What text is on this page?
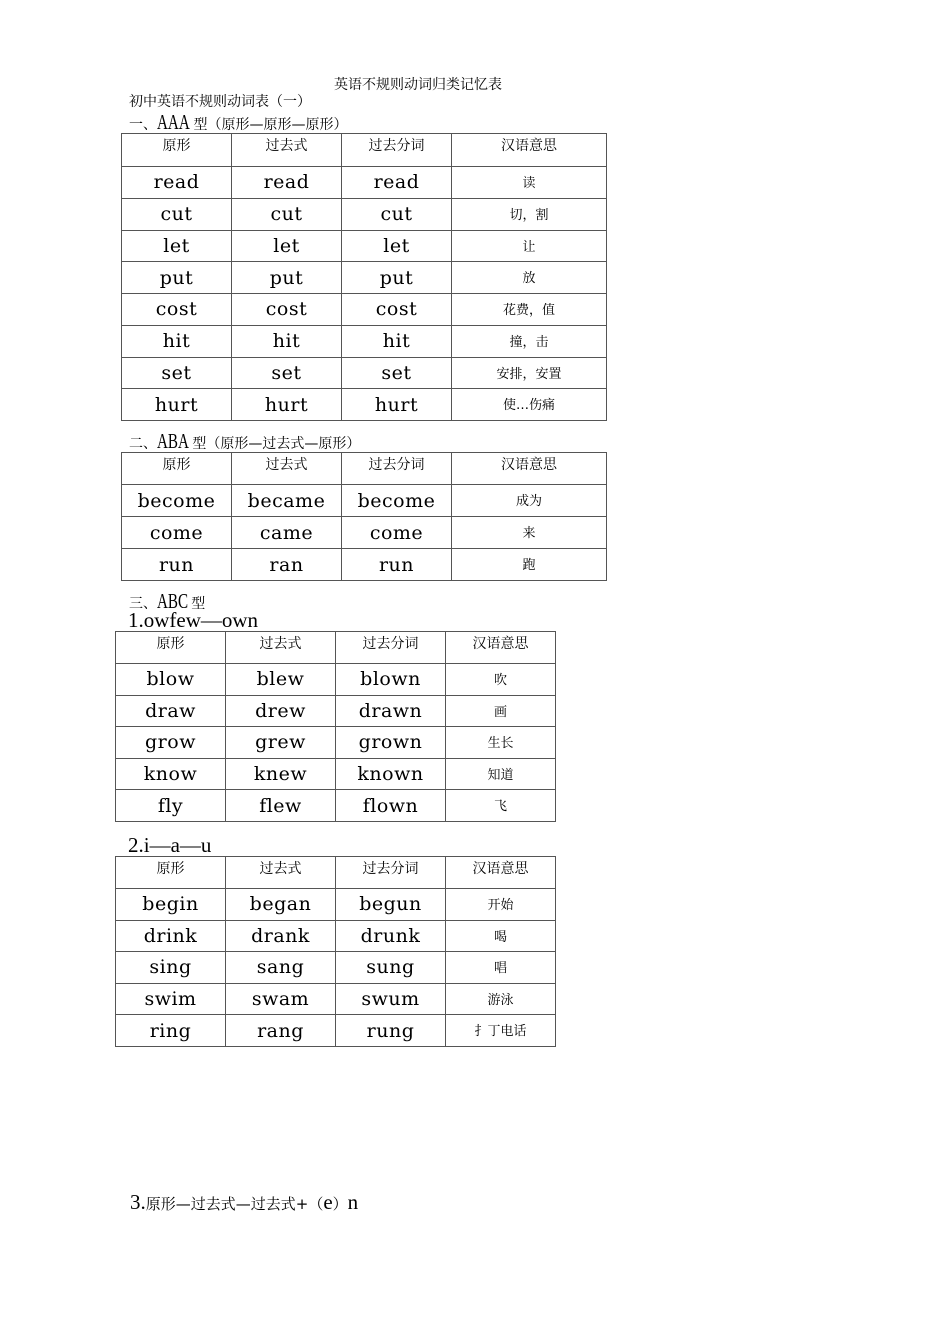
英语不规则动词归类记忆表
初中英语不规则动词表（一）
一、AAA 型（原形—原形—原形）
原形	过去式	过去分词	汉语意思
read	read	read	读
cut	cut	cut	切，割
let	let	let	让
put	put	put	放
cost	cost	cost	花费，值
hit	hit	hit	撞，击
set	set	set	安排，安置
hurt	hurt	hurt	使…伤痛
二、ABA 型（原形—过去式—原形）
原形	过去式	过去分词	汉语意思
become	became	become	成为
come	came	come	来
run	ran	run	跑
三、ABC 型
1.owfew—own
原形	过去式	过去分词	汉语意思
blow	blew	blown	吹
draw	drew	drawn	画
grow	grew	grown	生长
know	knew	known	知道
fly	flew	flown	飞
2.i—a—u
原形	过去式	过去分词	汉语意思
begin	began	begun	开始
drink	drank	drunk	喝
sing	sang	sung	唱
swim	swam	swum	游泳
ring	rang	rung	扌丁电话
3.原形—过去式—过去式+（e）n
